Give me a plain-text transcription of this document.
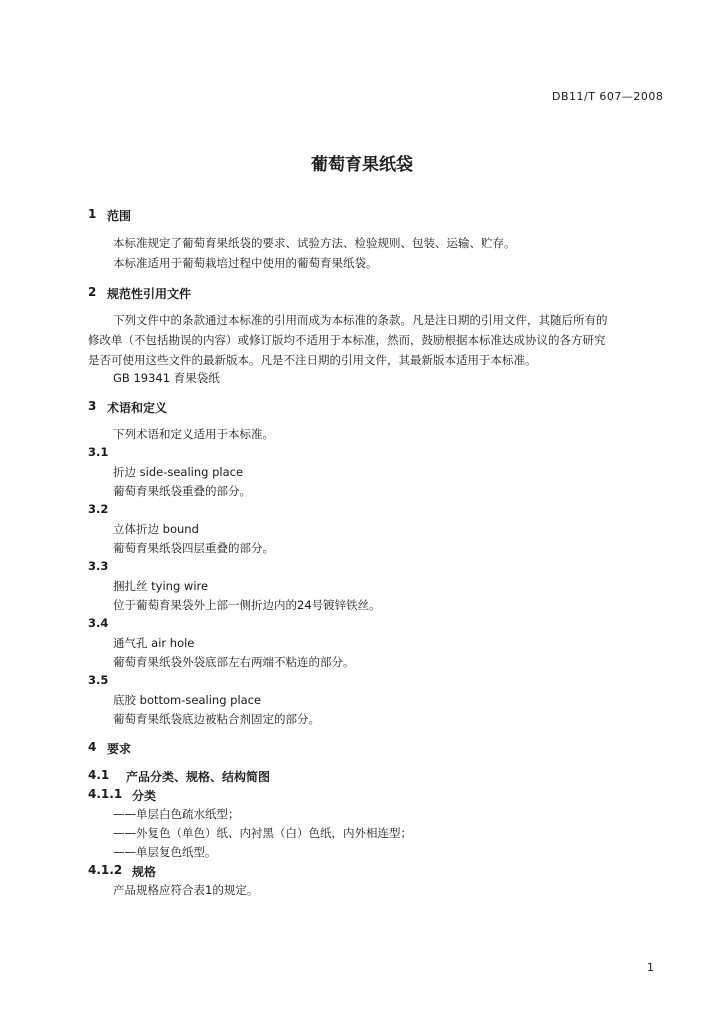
DB11/T 607—2008
葡萄育果纸袋
1 范围
本标准规定了葡萄育果纸袋的要求、试验方法、检验规则、包装、运输、贮存。
本标准适用于葡萄栽培过程中使用的葡萄育果纸袋。
2 规范性引用文件
下列文件中的条款通过本标准的引用而成为本标准的条款。凡是注日期的引用文件，其随后所有的
修改单（不包括勘误的内容）或修订版均不适用于本标准，然而，鼓励根据本标准达成协议的各方研究
是否可使用这些文件的最新版本。凡是不注日期的引用文件，其最新版本适用于本标准。
GB 19341 育果袋纸
3 术语和定义
下列术语和定义适用于本标准。
3.1
折边 side-sealing place
葡萄育果纸袋重叠的部分。
3.2
立体折边 bound
葡萄育果纸袋四层重叠的部分。
3.3
捆扎丝 tying wire
位于葡萄育果袋外上部一侧折边内的24号镀锌铁丝。
3.4
通气孔 air hole
葡萄育果纸袋外袋底部左右两端不粘连的部分。
3.5
底胶 bottom-sealing place
葡萄育果纸袋底边被粘合剂固定的部分。
4 要求
4.1 产品分类、规格、结构简图
4.1.1 分类
——单层白色疏水纸型；
——外复色（单色）纸、内衬黑（白）色纸，内外相连型；
——单层复色纸型。
4.1.2 规格
产品规格应符合表1的规定。
1
